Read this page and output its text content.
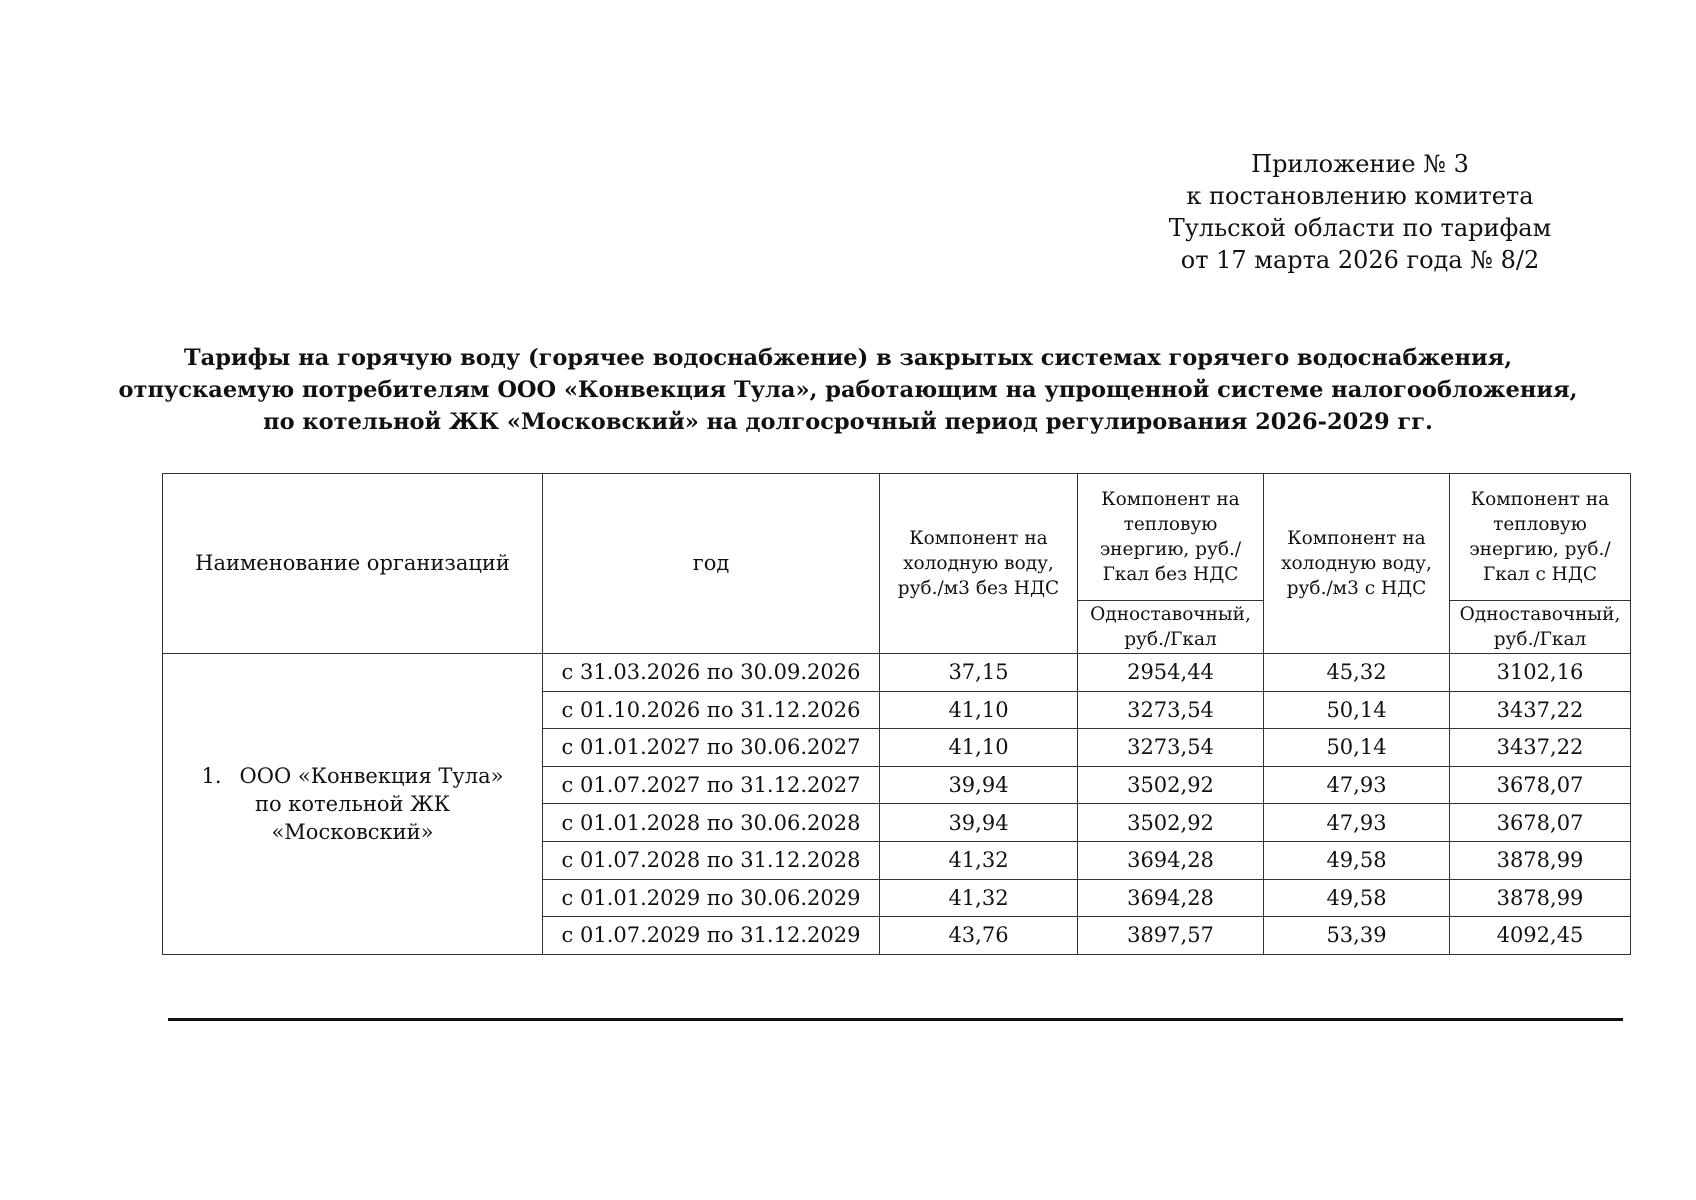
Приложение № 3
к постановлению комитета
Тульской области по тарифам
от 17 марта 2026 года № 8/2
Тарифы на горячую воду (горячее водоснабжение) в закрытых системах горячего водоснабжения,
отпускаемую потребителям ООО «Конвекция Тула», работающим на упрощенной системе налогообложения,
по котельной ЖК «Московский» на долгосрочный период регулирования 2026-2029 гг.
Наименование организаций	год	Компонент на холодную воду, руб./м3 без НДС	Компонент на тепловую энергию, руб./Гкал без НДС	Компонент на холодную воду, руб./м3 с НДС	Компонент на тепловую энергию, руб./Гкал с НДС
			Одноставочный, руб./Гкал		Одноставочный, руб./Гкал

1. ООО «Конвекция Тула»
по котельной ЖК
«Московский»	с 31.03.2026 по 30.09.2026	37,15	2954,44	45,32	3102,16
	с 01.10.2026 по 31.12.2026	41,10	3273,54	50,14	3437,22
	с 01.01.2027 по 30.06.2027	41,10	3273,54	50,14	3437,22
	с 01.07.2027 по 31.12.2027	39,94	3502,92	47,93	3678,07
	с 01.01.2028 по 30.06.2028	39,94	3502,92	47,93	3678,07
	с 01.07.2028 по 31.12.2028	41,32	3694,28	49,58	3878,99
	с 01.01.2029 по 30.06.2029	41,32	3694,28	49,58	3878,99
	с 01.07.2029 по 31.12.2029	43,76	3897,57	53,39	4092,45
